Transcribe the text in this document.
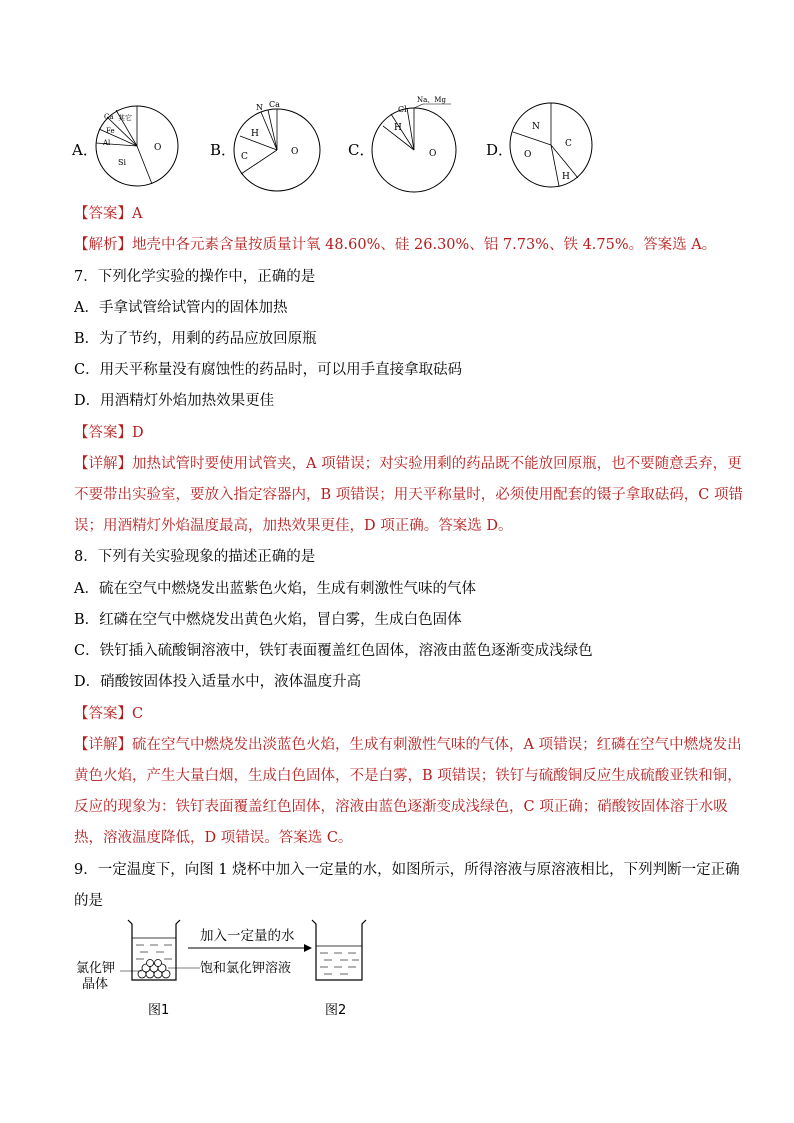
A．
Ca
Fe
Al
其它
Si
O	B．
N Ca
H
C	O	C．
Cl
Na、Mg
H
O	D．
N
C
O
H
【答案】A
【解析】地壳中各元素含量按质量计氧 48.60%、硅 26.30%、铝 7.73%、铁 4.75%。答案选 A。
7．下列化学实验的操作中，正确的是
A．手拿试管给试管内的固体加热
B．为了节约，用剩的药品应放回原瓶
C．用天平称量没有腐蚀性的药品时，可以用手直接拿取砝码
D．用酒精灯外焰加热效果更佳
【答案】D
【详解】加热试管时要使用试管夹，A 项错误；对实验用剩的药品既不能放回原瓶，也不要随意丢弃，更
不要带出实验室，要放入指定容器内，B 项错误；用天平称量时，必须使用配套的镊子拿取砝码，C 项错
误；用酒精灯外焰温度最高，加热效果更佳，D 项正确。答案选 D。
8．下列有关实验现象的描述正确的是
A．硫在空气中燃烧发出蓝紫色火焰，生成有刺激性气味的气体
B．红磷在空气中燃烧发出黄色火焰，冒白雾，生成白色固体
C．铁钉插入硫酸铜溶液中，铁钉表面覆盖红色固体，溶液由蓝色逐渐变成浅绿色
D．硝酸铵固体投入适量水中，液体温度升高
【答案】C
【详解】硫在空气中燃烧发出淡蓝色火焰，生成有刺激性气味的气体，A 项错误；红磷在空气中燃烧发出
黄色火焰，产生大量白烟，生成白色固体，不是白雾，B 项错误；铁钉与硫酸铜反应生成硫酸亚铁和铜，
反应的现象为：铁钉表面覆盖红色固体，溶液由蓝色逐渐变成浅绿色，C 项正确；硝酸铵固体溶于水吸
热，溶液温度降低，D 项错误。答案选 C。
9．一定温度下，向图 1 烧杯中加入一定量的水，如图所示，所得溶液与原溶液相比，下列判断一定正确
的是
氯化钾
晶体
饱和氯化钾溶液
加入一定量的水
图1	图2
